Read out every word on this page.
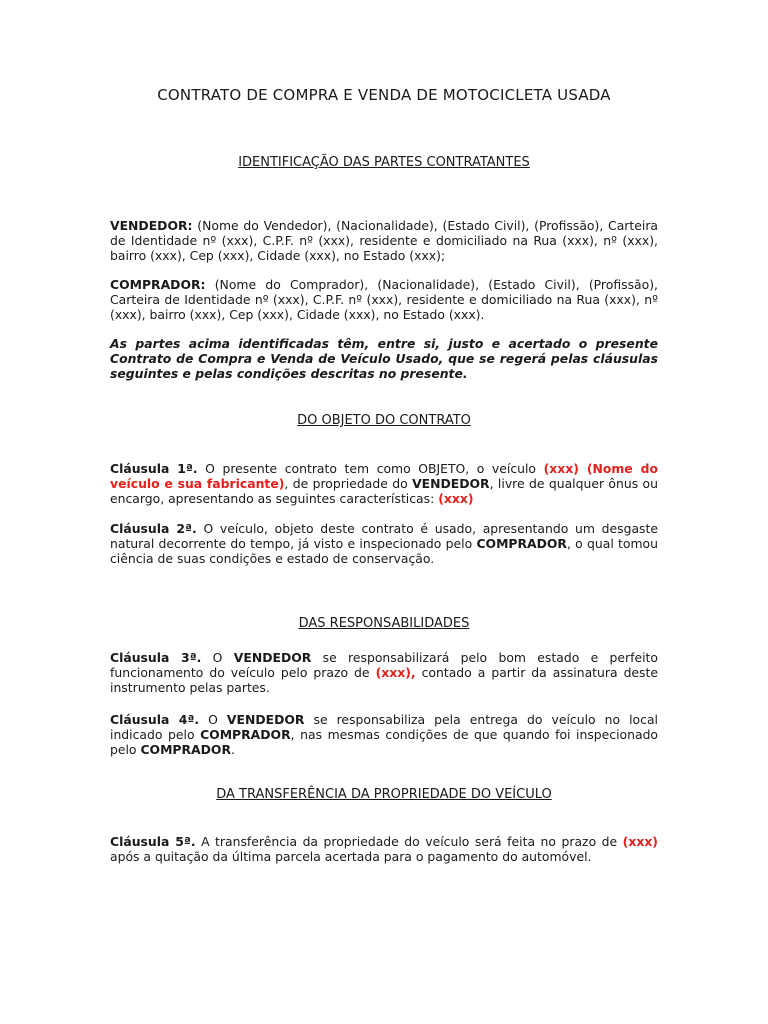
CONTRATO DE COMPRA E VENDA DE MOTOCICLETA USADA
IDENTIFICAÇÃO DAS PARTES CONTRATANTES

VENDEDOR: (Nome do Vendedor), (Nacionalidade), (Estado Civil), (Profissão), Carteira de Identidade nº (xxx), C.P.F. nº (xxx), residente e domiciliado na Rua (xxx), nº (xxx), bairro (xxx), Cep (xxx), Cidade (xxx), no Estado (xxx);

COMPRADOR: (Nome do Comprador), (Nacionalidade), (Estado Civil), (Profissão), Carteira de Identidade nº (xxx), C.P.F. nº (xxx), residente e domiciliado na Rua (xxx), nº (xxx), bairro (xxx), Cep (xxx), Cidade (xxx), no Estado (xxx).

As partes acima identificadas têm, entre si, justo e acertado o presente Contrato de Compra e Venda de Veículo Usado, que se regerá pelas cláusulas seguintes e pelas condições descritas no presente.

DO OBJETO DO CONTRATO

Cláusula 1ª. O presente contrato tem como OBJETO, o veículo (xxx) (Nome do veículo e sua fabricante), de propriedade do VENDEDOR, livre de qualquer ônus ou encargo, apresentando as seguintes características: (xxx)

Cláusula 2ª. O veículo, objeto deste contrato é usado, apresentando um desgaste natural decorrente do tempo, já visto e inspecionado pelo COMPRADOR, o qual tomou ciência de suas condições e estado de conservação.

DAS RESPONSABILIDADES

Cláusula 3ª. O VENDEDOR se responsabilizará pelo bom estado e perfeito funcionamento do veículo pelo prazo de (xxx), contado a partir da assinatura deste instrumento pelas partes.

Cláusula 4ª. O VENDEDOR se responsabiliza pela entrega do veículo no local indicado pelo COMPRADOR, nas mesmas condições de que quando foi inspecionado pelo COMPRADOR.

DA TRANSFERÊNCIA DA PROPRIEDADE DO VEÍCULO

Cláusula 5ª. A transferência da propriedade do veículo será feita no prazo de (xxx) após a quitação da última parcela acertada para o pagamento do automóvel.
